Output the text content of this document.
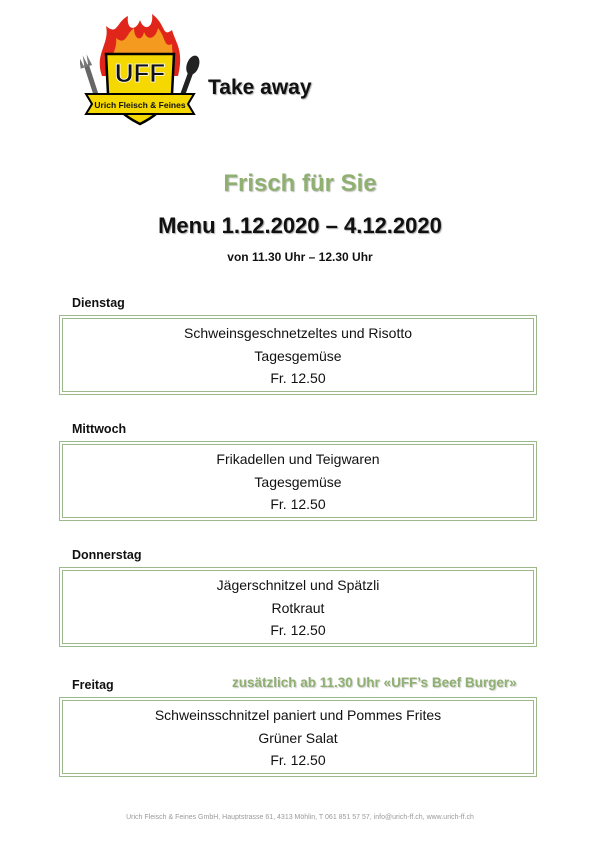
UFF
Urich Fleisch & Feines
Take away
Frisch für Sie
Menu 1.12.2020 – 4.12.2020
von 11.30 Uhr – 12.30 Uhr
Dienstag
Schweinsgeschnetzeltes und Risotto
Tagesgemüse
Fr. 12.50
Mittwoch
Frikadellen und Teigwaren
Tagesgemüse
Fr. 12.50
Donnerstag
Jägerschnitzel und Spätzli
Rotkraut
Fr. 12.50
Freitag	zusätzlich ab 11.30 Uhr «UFF’s Beef Burger»
Schweinsschnitzel paniert und Pommes Frites
Grüner Salat
Fr. 12.50
Urich Fleisch & Feines GmbH, Hauptstrasse 61, 4313 Möhlin, T 061 851 57 57, info@urich-ff.ch, www.urich-ff.ch
